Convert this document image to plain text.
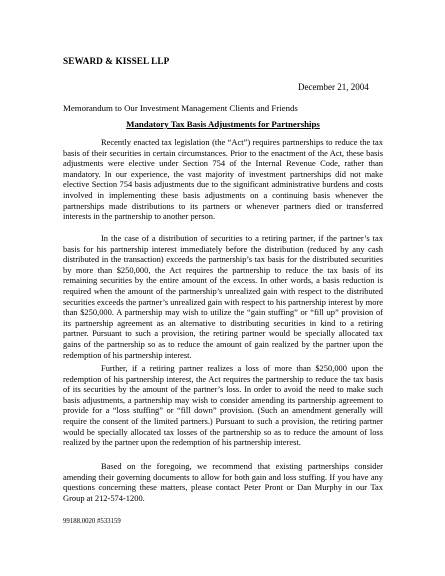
SEWARD & KISSEL LLP
December 21, 2004
Memorandum to Our Investment Management Clients and Friends
Mandatory Tax Basis Adjustments for Partnerships

Recently enacted tax legislation (the “Act”) requires partnerships to reduce the tax basis of their securities in certain circumstances. Prior to the enactment of the Act, these basis adjustments were elective under Section 754 of the Internal Revenue Code, rather than mandatory. In our experience, the vast majority of investment partnerships did not make elective Section 754 basis adjustments due to the significant administrative burdens and costs involved in implementing these basis adjustments on a continuing basis whenever the partnerships made distributions to its partners or whenever partners died or transferred interests in the partnership to another person.

In the case of a distribution of securities to a retiring partner, if the partner’s tax basis for his partnership interest immediately before the distribution (reduced by any cash distributed in the transaction) exceeds the partnership’s tax basis for the distributed securities by more than $250,000, the Act requires the partnership to reduce the tax basis of its remaining securities by the entire amount of the excess. In other words, a basis reduction is required when the amount of the partnership’s unrealized gain with respect to the distributed securities exceeds the partner’s unrealized gain with respect to his partnership interest by more than $250,000. A partnership may wish to utilize the “gain stuffing” or “fill up” provision of its partnership agreement as an alternative to distributing securities in kind to a retiring partner. Pursuant to such a provision, the retiring partner would be specially allocated tax gains of the partnership so as to reduce the amount of gain realized by the partner upon the redemption of his partnership interest.

Further, if a retiring partner realizes a loss of more than $250,000 upon the redemption of his partnership interest, the Act requires the partnership to reduce the tax basis of its securities by the amount of the partner’s loss. In order to avoid the need to make such basis adjustments, a partnership may wish to consider amending its partnership agreement to provide for a “loss stuffing” or “fill down” provision. (Such an amendment generally will require the consent of the limited partners.) Pursuant to such a provision, the retiring partner would be specially allocated tax losses of the partnership so as to reduce the amount of loss realized by the partner upon the redemption of his partnership interest.

Based on the foregoing, we recommend that existing partnerships consider amending their governing documents to allow for both gain and loss stuffing. If you have any questions concerning these matters, please contact Peter Pront or Dan Murphy in our Tax Group at 212-574-1200.

99188.0020 #533159
